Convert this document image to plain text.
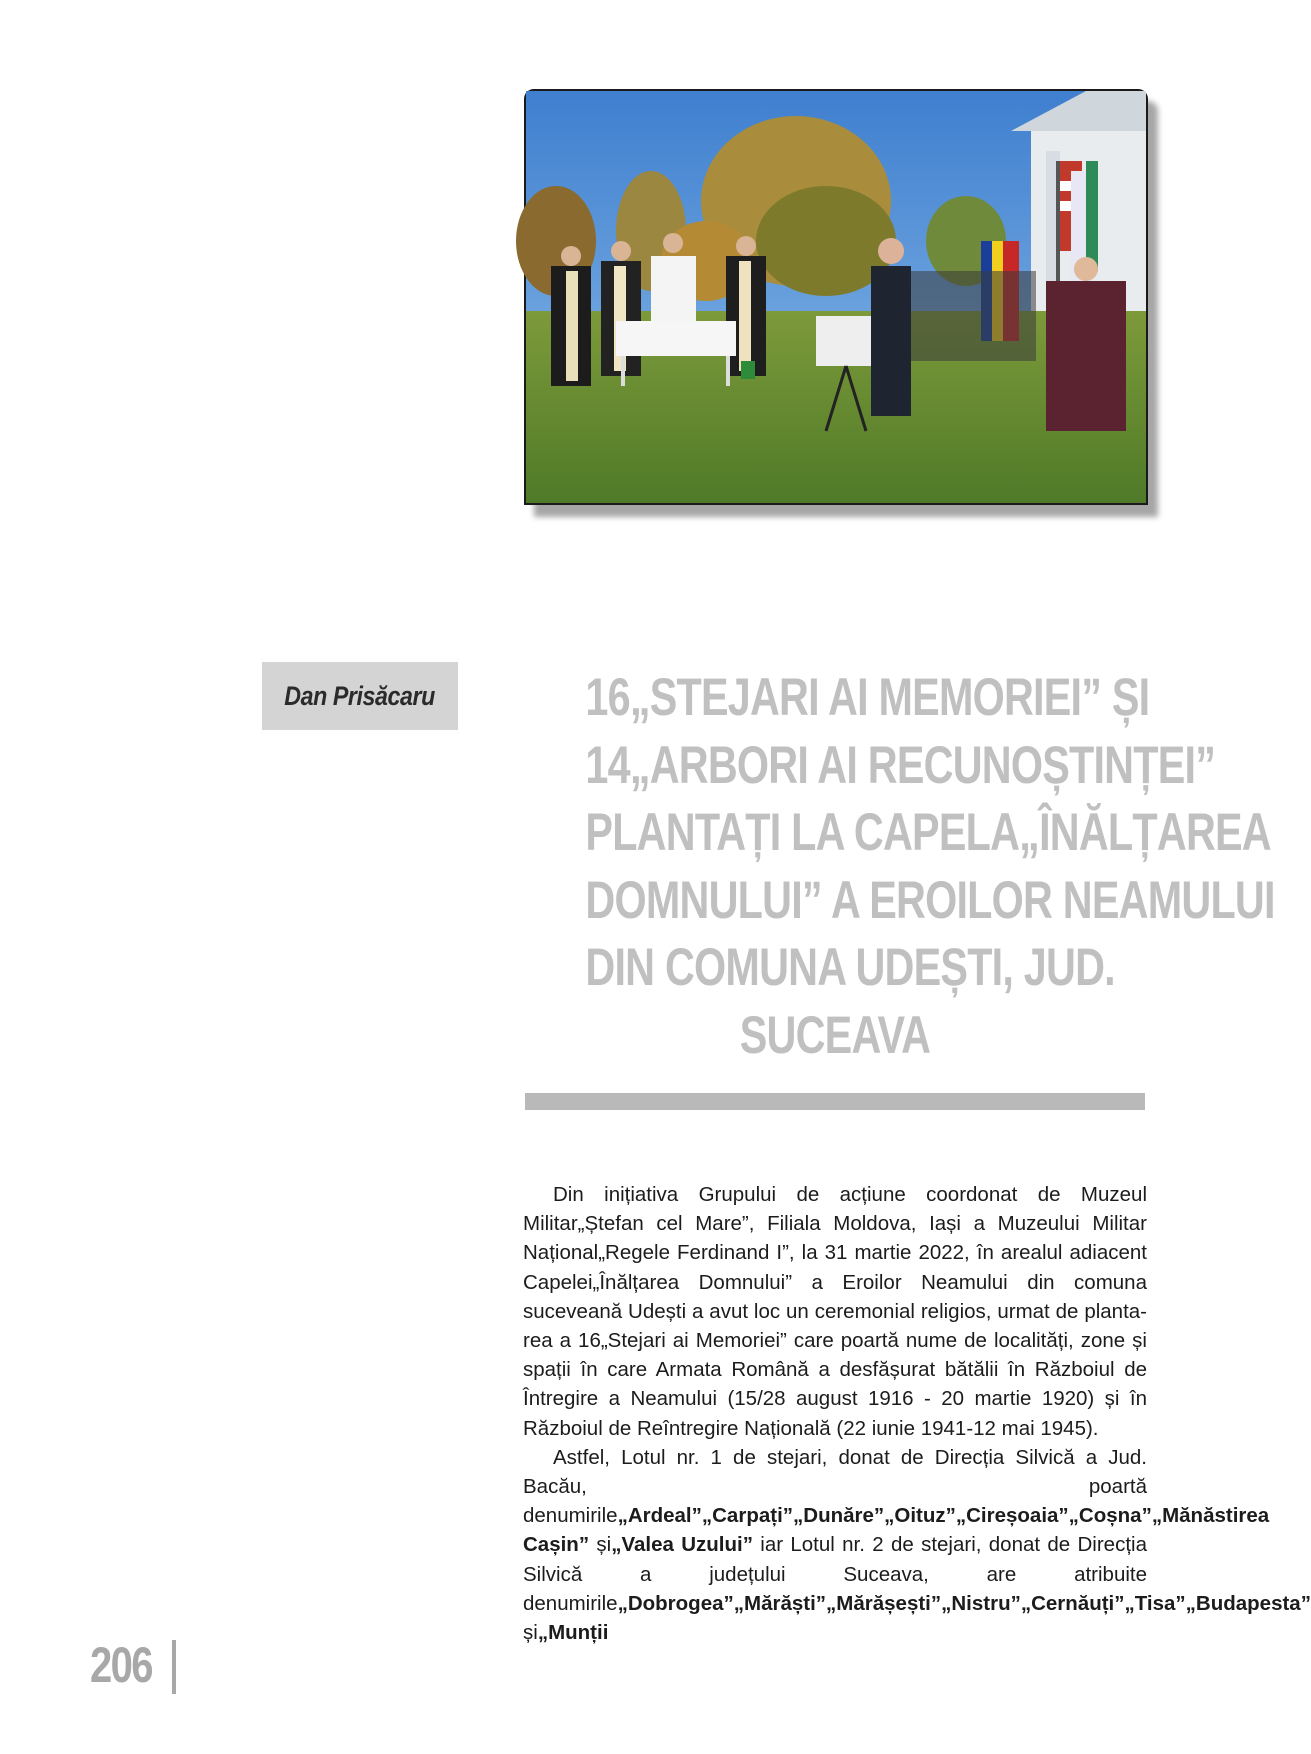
Dan Prisăcaru	16„STEJARI AI MEMORIEI” ȘI
14„ARBORI AI RECUNOȘTINȚEI”
PLANTAȚI LA CAPELA„ÎNĂLȚAREA
DOMNULUI” A EROILOR NEAMULUI
DIN COMUNA UDEȘTI, JUD.
SUCEAVA

Din inițiativa Grupului de acțiune coordonat de Muzeul Militar„Ștefan cel Mare”, Filiala Moldova, Iași a Muzeului Militar Național„Regele Ferdinand I”, la 31 martie 2022, în arealul adiacent Capelei„Înălțarea Domnului” a Eroilor Neamului din comuna suceveană Udești a avut loc un ceremonial religios, urmat de plantarea a 16„Stejari ai Memoriei” care poartă nume de localități, zone și spații în care Armata Română a desfășurat bătălii în Războiul de Întregire a Neamului (15/28 august 1916 - 20 martie 1920) și în Războiul de Reîntregire Națională (22 iunie 1941-12 mai 1945).

Astfel, Lotul nr. 1 de stejari, donat de Direcția Silvică a Jud. Bacău, poartă denumirile„Ardeal”„Carpați”„Dunăre”„Oituz”„Cireșoaia”„Coșna”„Mănăstirea Cașin” și„Valea Uzului” iar Lotul nr. 2 de stejari, donat de Direcția Silvică a județului Suceava, are atribuite denumirile„Dobrogea”„Mărăști”„Mărășești”„Nistru”„Cernăuți”„Tisa”„Budapesta” și„Munții

206
